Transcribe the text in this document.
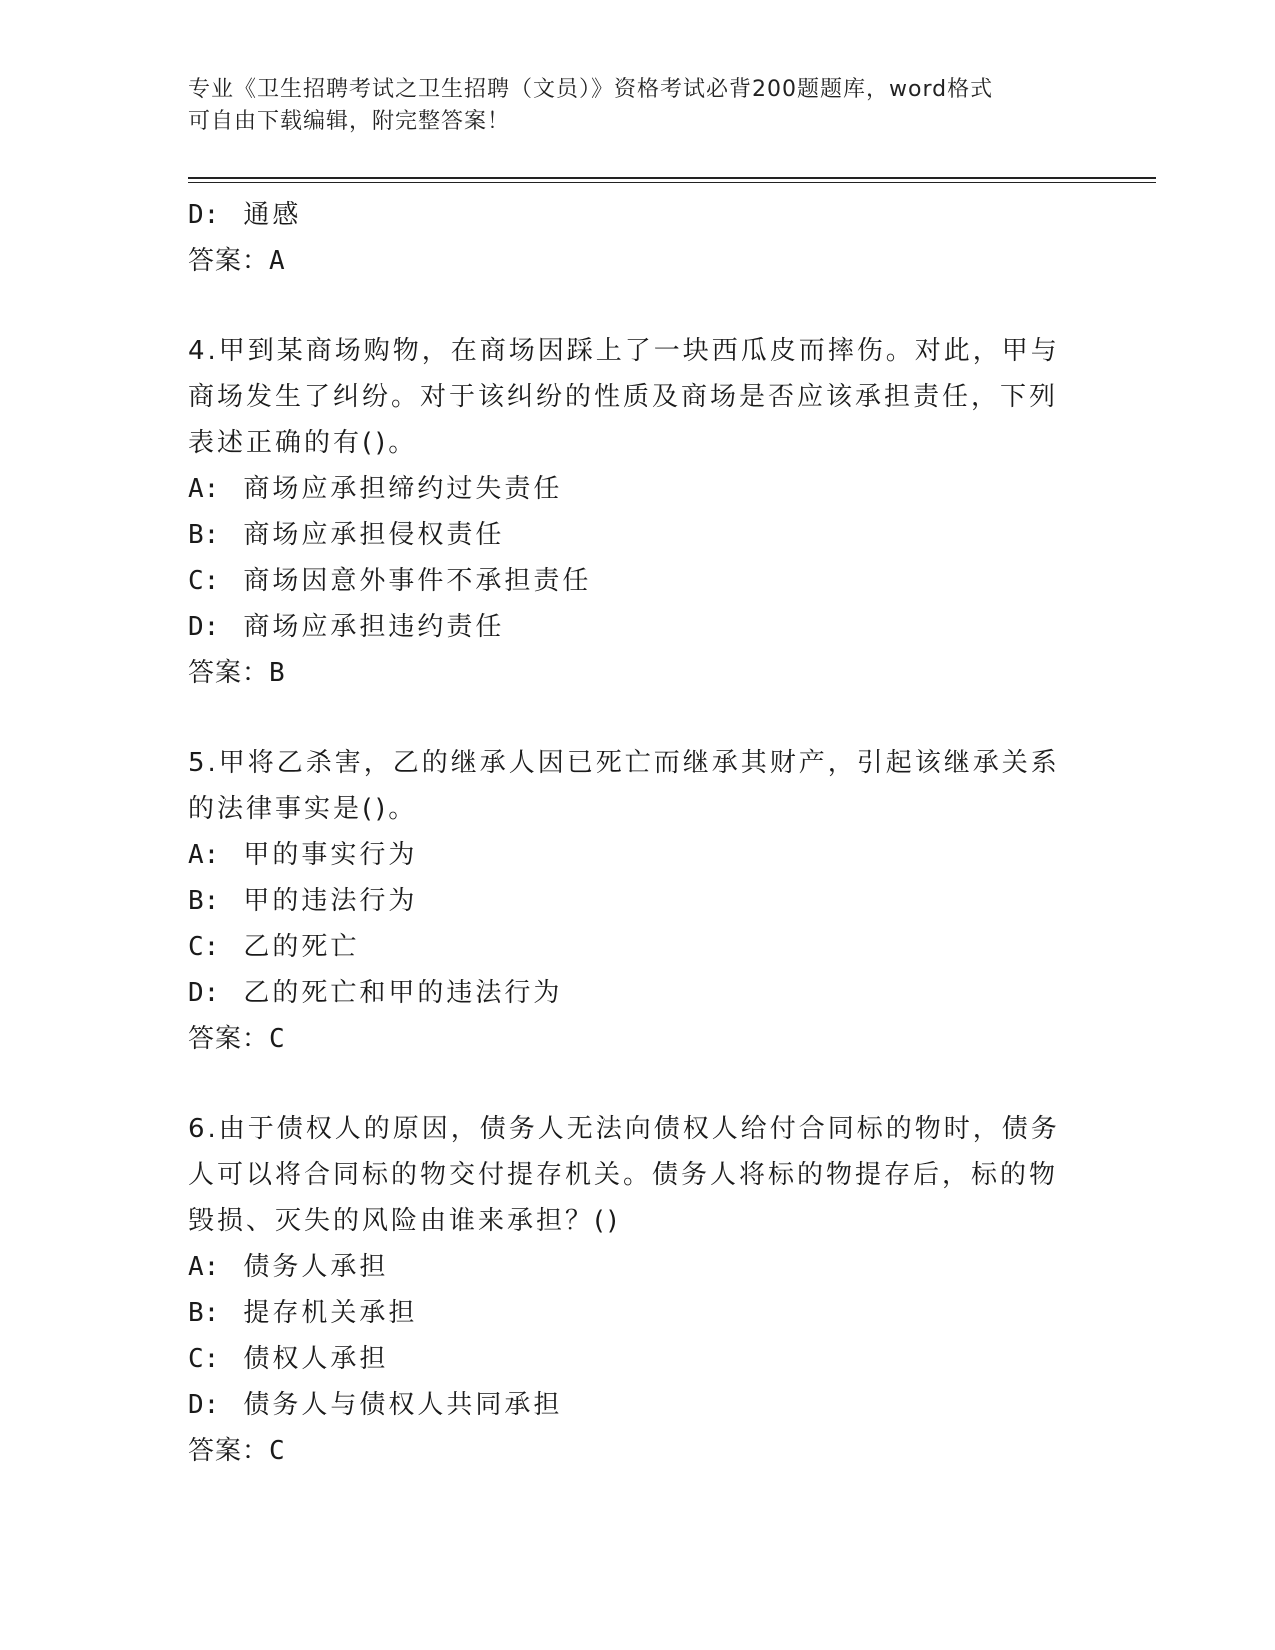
专业《卫生招聘考试之卫生招聘（文员）》资格考试必背200题题库，word格式
可自由下载编辑，附完整答案！
D: 通感
答案：A
4.甲到某商场购物，在商场因踩上了一块西瓜皮而摔伤。对此，甲与
商场发生了纠纷。对于该纠纷的性质及商场是否应该承担责任，下列
表述正确的有()。
A: 商场应承担缔约过失责任
B: 商场应承担侵权责任
C: 商场因意外事件不承担责任
D: 商场应承担违约责任
答案：B
5.甲将乙杀害，乙的继承人因已死亡而继承其财产，引起该继承关系
的法律事实是()。
A: 甲的事实行为
B: 甲的违法行为
C: 乙的死亡
D: 乙的死亡和甲的违法行为
答案：C
6.由于债权人的原因，债务人无法向债权人给付合同标的物时，债务
人可以将合同标的物交付提存机关。债务人将标的物提存后，标的物
毁损、灭失的风险由谁来承担？()
A: 债务人承担
B: 提存机关承担
C: 债权人承担
D: 债务人与债权人共同承担
答案：C
